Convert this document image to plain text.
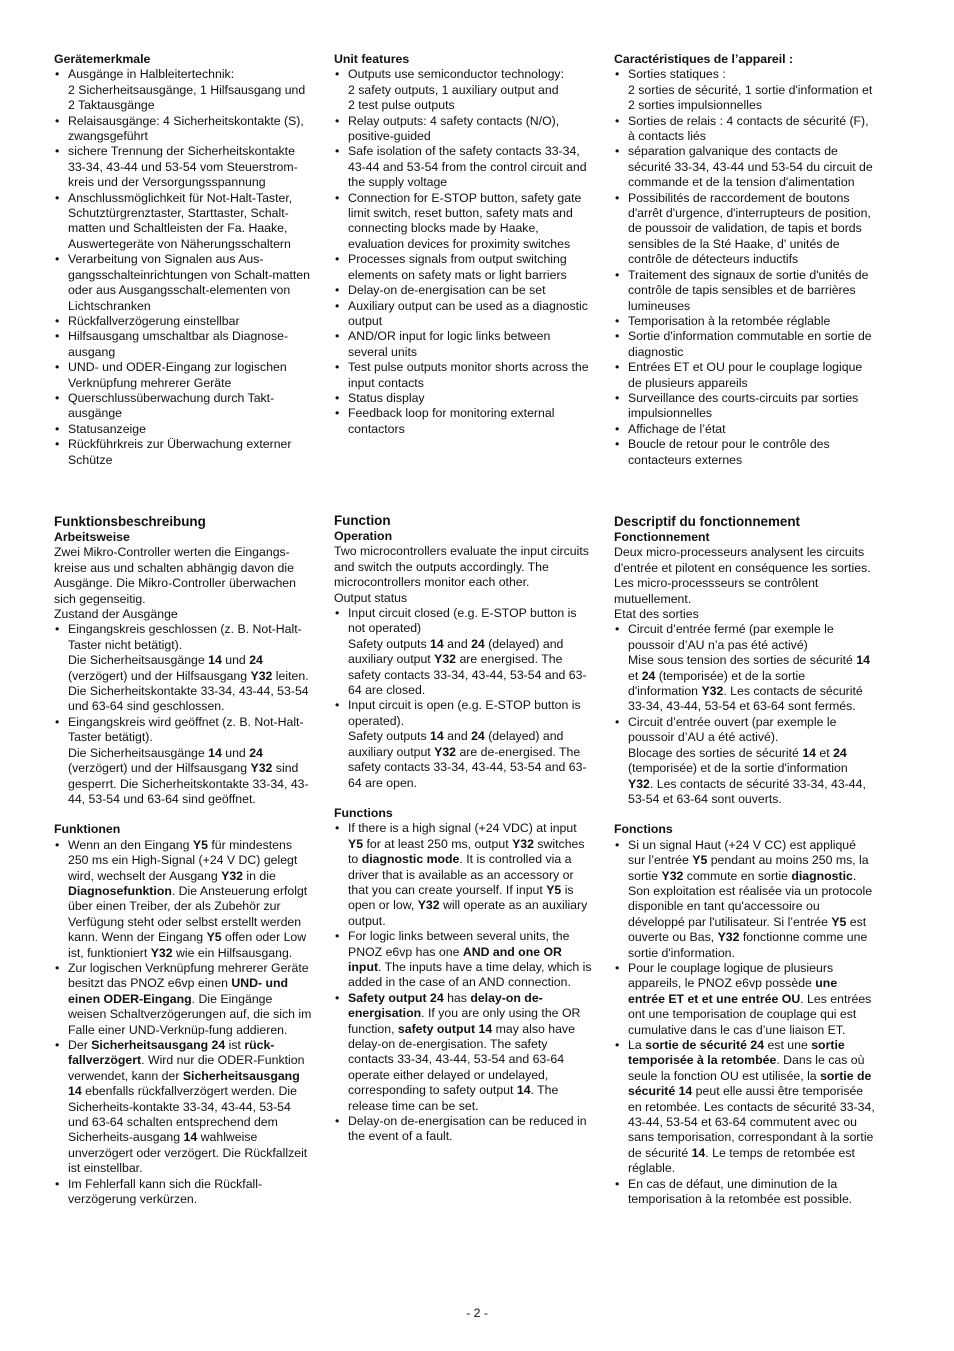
Gerätemerkmale
• Ausgänge in Halbleitertechnik:
2 Sicherheitsausgänge, 1 Hilfsausgang und 2 Taktausgänge
• Relaisausgänge: 4 Sicherheitskontakte (S), zwangsgeführt
• sichere Trennung der Sicherheitskontakte 33-34, 43-44 und 53-54 vom Steuerstrom-kreis und der Versorgungsspannung
• Anschlussmöglichkeit für Not-Halt-Taster, Schutztürgrenztaster, Starttaster, Schalt-matten und Schaltleisten der Fa. Haake, Auswertegeräte von Näherungsschaltern
• Verarbeitung von Signalen aus Aus-gangsschalteinrichtungen von Schalt-matten oder aus Ausgangsschalt-elementen von Lichtschranken
• Rückfallverzögerung einstellbar
• Hilfsausgang umschaltbar als Diagnose-ausgang
• UND- und ODER-Eingang zur logischen Verknüpfung mehrerer Geräte
• Querschlussüberwachung durch Takt-ausgänge
• Statusanzeige
• Rückführkreis zur Überwachung externer Schütze
Funktionsbeschreibung
Arbeitsweise
Zwei Mikro-Controller werten die Eingangs-kreise aus und schalten abhängig davon die Ausgänge. Die Mikro-Controller überwachen sich gegenseitig.
Zustand der Ausgänge
• Eingangskreis geschlossen (z. B. Not-Halt-Taster nicht betätigt).
Die Sicherheitsausgänge 14 und 24 (verzögert) und der Hilfsausgang Y32 leiten. Die Sicherheitskontakte 33-34, 43-44, 53-54 und 63-64 sind geschlossen.
• Eingangskreis wird geöffnet (z. B. Not-Halt-Taster betätigt).
Die Sicherheitsausgänge 14 und 24 (verzögert) und der Hilfsausgang Y32 sind gesperrt. Die Sicherheitskontakte 33-34, 43-44, 53-54 und 63-64 sind geöffnet.
Funktionen
• Wenn an den Eingang Y5 für mindestens 250 ms ein High-Signal (+24 V DC) gelegt wird, wechselt der Ausgang Y32 in die Diagnosefunktion. Die Ansteuerung erfolgt über einen Treiber, der als Zubehör zur Verfügung steht oder selbst erstellt werden kann. Wenn der Eingang Y5 offen oder Low ist, funktioniert Y32 wie ein Hilfsausgang.
• Zur logischen Verknüpfung mehrerer Geräte besitzt das PNOZ e6vp einen UND- und einen ODER-Eingang. Die Eingänge weisen Schaltverzögerungen auf, die sich im Falle einer UND-Verknüp-fung addieren.
• Der Sicherheitsausgang 24 ist rück-fallverzögert. Wird nur die ODER-Funktion verwendet, kann der Sicherheitsausgang 14 ebenfalls rückfallverzögert werden. Die Sicherheits-kontakte 33-34, 43-44, 53-54 und 63-64 schalten entsprechend dem Sicherheits-ausgang 14 wahlweise unverzögert oder verzögert. Die Rückfallzeit ist einstellbar.
• Im Fehlerfall kann sich die Rückfall-verzögerung verkürzen.
Unit features
• Outputs use semiconductor technology:
2 safety outputs, 1 auxiliary output and
2 test pulse outputs
• Relay outputs: 4 safety contacts (N/O), positive-guided
• Safe isolation of the safety contacts 33-34, 43-44 and 53-54 from the control circuit and the supply voltage
• Connection for E-STOP button, safety gate limit switch, reset button, safety mats and connecting blocks made by Haake, evaluation devices for proximity switches
• Processes signals from output switching elements on safety mats or light barriers
• Delay-on de-energisation can be set
• Auxiliary output can be used as a diagnostic output
• AND/OR input for logic links between several units
• Test pulse outputs monitor shorts across the input contacts
• Status display
• Feedback loop for monitoring external contactors
Function
Operation
Two microcontrollers evaluate the input circuits and switch the outputs accordingly. The microcontrollers monitor each other.
Output status
• Input circuit closed (e.g. E-STOP button is not operated)
Safety outputs 14 and 24 (delayed) and auxiliary output Y32 are energised. The safety contacts 33-34, 43-44, 53-54 and 63-64 are closed.
• Input circuit is open (e.g. E-STOP button is operated).
Safety outputs 14 and 24 (delayed) and auxiliary output Y32 are de-energised. The safety contacts 33-34, 43-44, 53-54 and 63-64 are open.
Functions
• If there is a high signal (+24 VDC) at input Y5 for at least 250 ms, output Y32 switches to diagnostic mode. It is controlled via a driver that is available as an accessory or that you can create yourself. If input Y5 is open or low, Y32 will operate as an auxiliary output.
• For logic links between several units, the PNOZ e6vp has one AND and one OR input. The inputs have a time delay, which is added in the case of an AND connection.
• Safety output 24 has delay-on de-energisation. If you are only using the OR function, safety output 14 may also have delay-on de-energisation. The safety contacts 33-34, 43-44, 53-54 and 63-64 operate either delayed or undelayed, corresponding to safety output 14. The release time can be set.
• Delay-on de-energisation can be reduced in the event of a fault.
Caractéristiques de l’appareil :
• Sorties statiques :
2 sorties de sécurité, 1 sortie d'information et 2 sorties impulsionnelles
• Sorties de relais : 4 contacts de sécurité (F), à contacts liés
• séparation galvanique des contacts de sécurité 33-34, 43-44 und 53-54 du circuit de commande et de la tension d'alimentation
• Possibilités de raccordement de boutons d'arrêt d'urgence, d'interrupteurs de position, de poussoir de validation, de tapis et bords sensibles de la Sté Haake, d' unités de contrôle de détecteurs inductifs
• Traitement des signaux de sortie d'unités de contrôle de tapis sensibles et de barrières lumineuses
• Temporisation à la retombée réglable
• Sortie d'information commutable en sortie de diagnostic
• Entrées ET et OU pour le couplage logique de plusieurs appareils
• Surveillance des courts-circuits par sorties impulsionnelles
• Affichage de l’état
• Boucle de retour pour le contrôle des contacteurs externes
Descriptif du fonctionnement
Fonctionnement
Deux micro-processeurs analysent les circuits d'entrée et pilotent en conséquence les sorties. Les micro-processseurs se contrôlent mutuellement.
Etat des sorties
• Circuit d’entrée fermé (par exemple le poussoir d’AU n’a pas été activé)
Mise sous tension des sorties de sécurité 14 et 24 (temporisée) et de la sortie d'information Y32. Les contacts de sécurité 33-34, 43-44, 53-54 et 63-64 sont fermés.
• Circuit d’entrée ouvert (par exemple le poussoir d’AU a été activé).
Blocage des sorties de sécurité 14 et 24 (temporisée) et de la sortie d'information Y32. Les contacts de sécurité 33-34, 43-44, 53-54 et 63-64 sont ouverts.
Fonctions
• Si un signal Haut (+24 V CC) est appliqué sur l’entrée Y5 pendant au moins 250 ms, la sortie Y32 commute en sortie diagnostic. Son exploitation est réalisée via un protocole disponible en tant qu'accessoire ou développé par l'utilisateur. Si l’entrée Y5 est ouverte ou Bas, Y32 fonctionne comme une sortie d'information.
• Pour le couplage logique de plusieurs appareils, le PNOZ e6vp possède une entrée ET et et une entrée OU. Les entrées ont une temporisation de couplage qui est cumulative dans le cas d’une liaison ET.
• La sortie de sécurité 24 est une sortie temporisée à la retombée. Dans le cas où seule la fonction OU est utilisée, la sortie de sécurité 14 peut elle aussi être temporisée en retombée. Les contacts de sécurité 33-34, 43-44, 53-54 et 63-64 commutent avec ou sans temporisation, correspondant à la sortie de sécurité 14. Le temps de retombée est réglable.
• En cas de défaut, une diminution de la temporisation à la retombée est possible.
- 2 -
